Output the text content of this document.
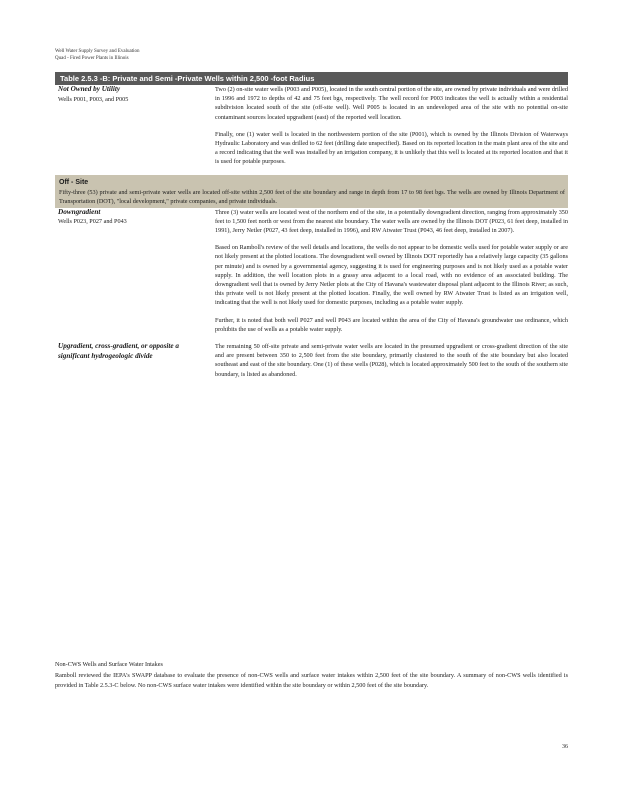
Well Water Supply Survey and Evaluation
Quad - Fired Power Plants in Illinois
Table 2.5.3 -B: Private and Semi -Private Wells within 2,500 -foot Radius
Not Owned by Utility
Wells P001, P003, and P005

Two (2) on-site water wells (P003 and P005), located in the south central portion of the site, are owned by private individuals and were drilled in 1996 and 1972 to depths of 42 and 75 feet bgs, respectively. The well record for P003 indicates the well is actually within a residential subdivision located south of the site (off-site well). Well P005 is located in an undeveloped area of the site with no potential on-site contaminant sources located upgradient (east) of the reported well location.

Finally, one (1) water well is located in the northwestern portion of the site (P001), which is owned by the Illinois Division of Waterways Hydraulic Laboratory and was drilled to 62 feet (drilling date unspecified). Based on its reported location in the main plant area of the site and a record indicating that the well was installed by an irrigation company, it is unlikely that this well is located at its reported location and that it is used for potable purposes.

Off - Site
Fifty-three (53) private and semi-private water wells are located off-site within 2,500 feet of the site boundary and range in depth from 17 to 98 feet bgs. The wells are owned by Illinois Department of Transportation (DOT), "local development," private companies, and private individuals.
Downgradient
Wells P023, P027 and P043

Three (3) water wells are located west of the northern end of the site, in a potentially downgradient direction, ranging from approximately 350 feet to 1,500 feet north or west from the nearest site boundary. The water wells are owned by the Illinois DOT (P023, 61 feet deep, installed in 1991), Jerry Netler (P027, 43 feet deep, installed in 1996), and RW Atwater Trust (P043, 46 feet deep, installed in 2007).

Based on Ramboll's review of the well details and locations, the wells do not appear to be domestic wells used for potable water supply or are not likely present at the plotted locations. The downgradient well owned by Illinois DOT reportedly has a relatively large capacity (35 gallons per minute) and is owned by a governmental agency, suggesting it is used for engineering purposes and is not likely used as a potable water supply. In addition, the well location plots in a grassy area adjacent to a local road, with no evidence of an associated building. The downgradient well that is owned by Jerry Netler plots at the City of Havana's wastewater disposal plant adjacent to the Illinois River; as such, this private well is not likely present at the plotted location. Finally, the well owned by RW Atwater Trust is listed as an irrigation well, indicating that the well is not likely used for domestic purposes, including as a potable water supply.

Further, it is noted that both well P027 and well P043 are located within the area of the City of Havana's groundwater use ordinance, which prohibits the use of wells as a potable water supply.

Upgradient, cross-gradient, or opposite a significant hydrogeologic divide

The remaining 50 off-site private and semi-private water wells are located in the presumed upgradient or cross-gradient direction of the site and are present between 350 to 2,500 feet from the site boundary, primarily clustered to the south of the site boundary but also located southeast and east of the site boundary. One (1) of these wells (P028), which is located approximately 500 feet to the south of the southern site boundary, is listed as abandoned.

Non-CWS Wells and Surface Water Intakes

Ramboll reviewed the IEPA's SWAPP database to evaluate the presence of non-CWS wells and surface water intakes within 2,500 feet of the site boundary. A summary of non-CWS wells identified is provided in Table 2.5.3-C below. No non-CWS surface water intakes were identified within the site boundary or within 2,500 feet of the site boundary.

36
